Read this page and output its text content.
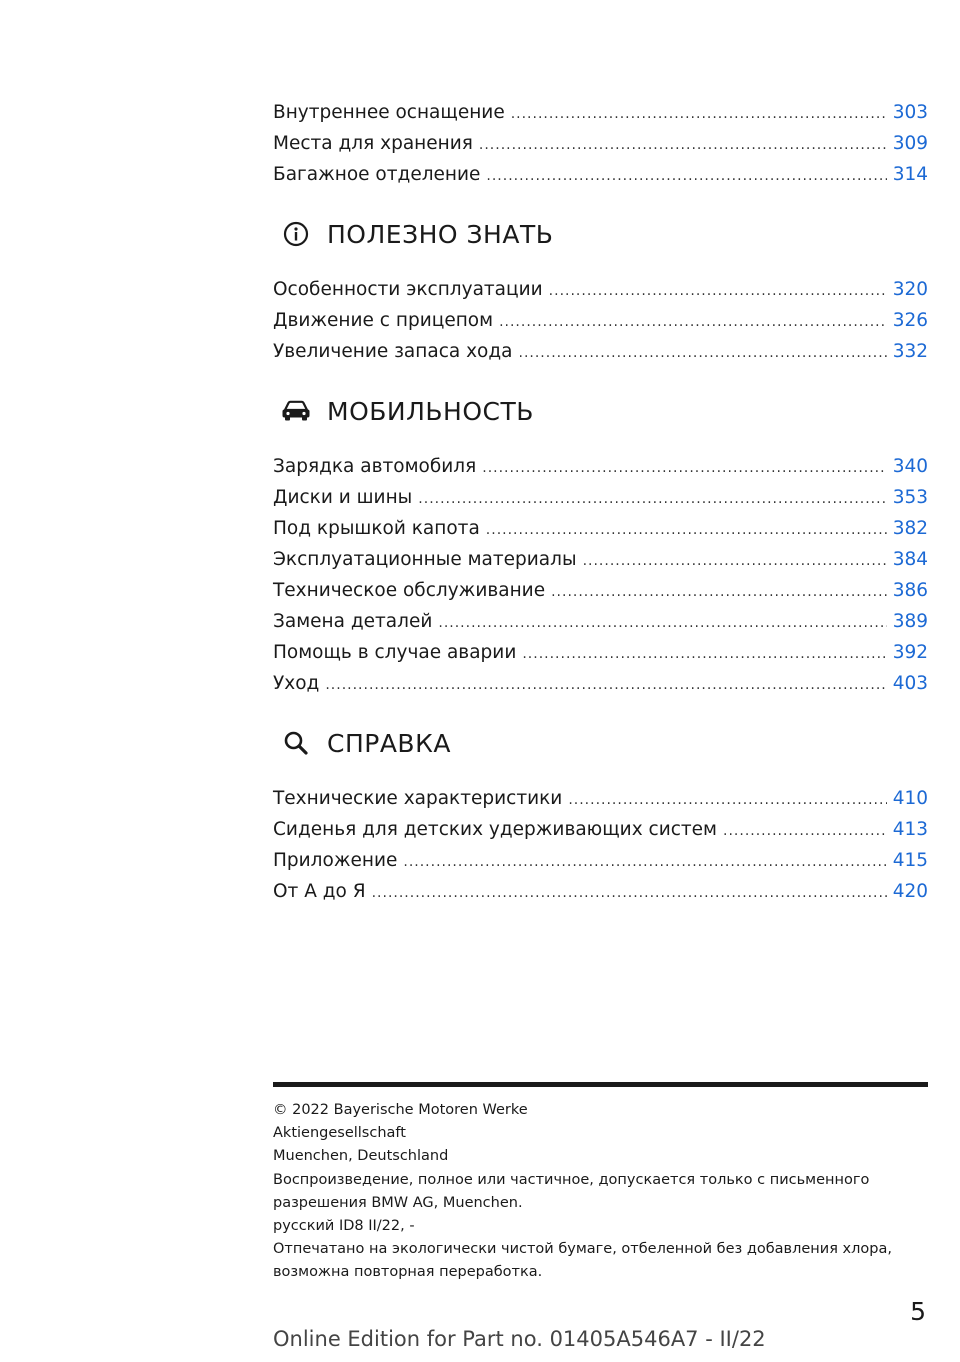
Внутреннее оснащение .....	303
Места для хранения .....	309
Багажное отделение .....	314
ПОЛЕЗНО ЗНАТЬ
Особенности эксплуатации .....	320
Движение с прицепом .....	326
Увеличение запаса хода .....	332
МОБИЛЬНОСТЬ
Зарядка автомобиля .....	340
Диски и шины .....	353
Под крышкой капота .....	382
Эксплуатационные материалы .....	384
Техническое обслуживание .....	386
Замена деталей .....	389
Помощь в случае аварии .....	392
Уход .....	403
СПРАВКА
Технические характеристики .....	410
Сиденья для детских удерживающих систем .....	413
Приложение .....	415
От А до Я .....	420
© 2022 Bayerische Motoren Werke
Aktiengesellschaft
Muenchen, Deutschland
Воспроизведение, полное или частичное, допускается только с письменного
разрешения BMW AG, Muenchen.
русский ID8 II/22, -
Отпечатано на экологически чистой бумаге, отбеленной без добавления хлора,
возможна повторная переработка.
5
Online Edition for Part no. 01405A546A7 - II/22
